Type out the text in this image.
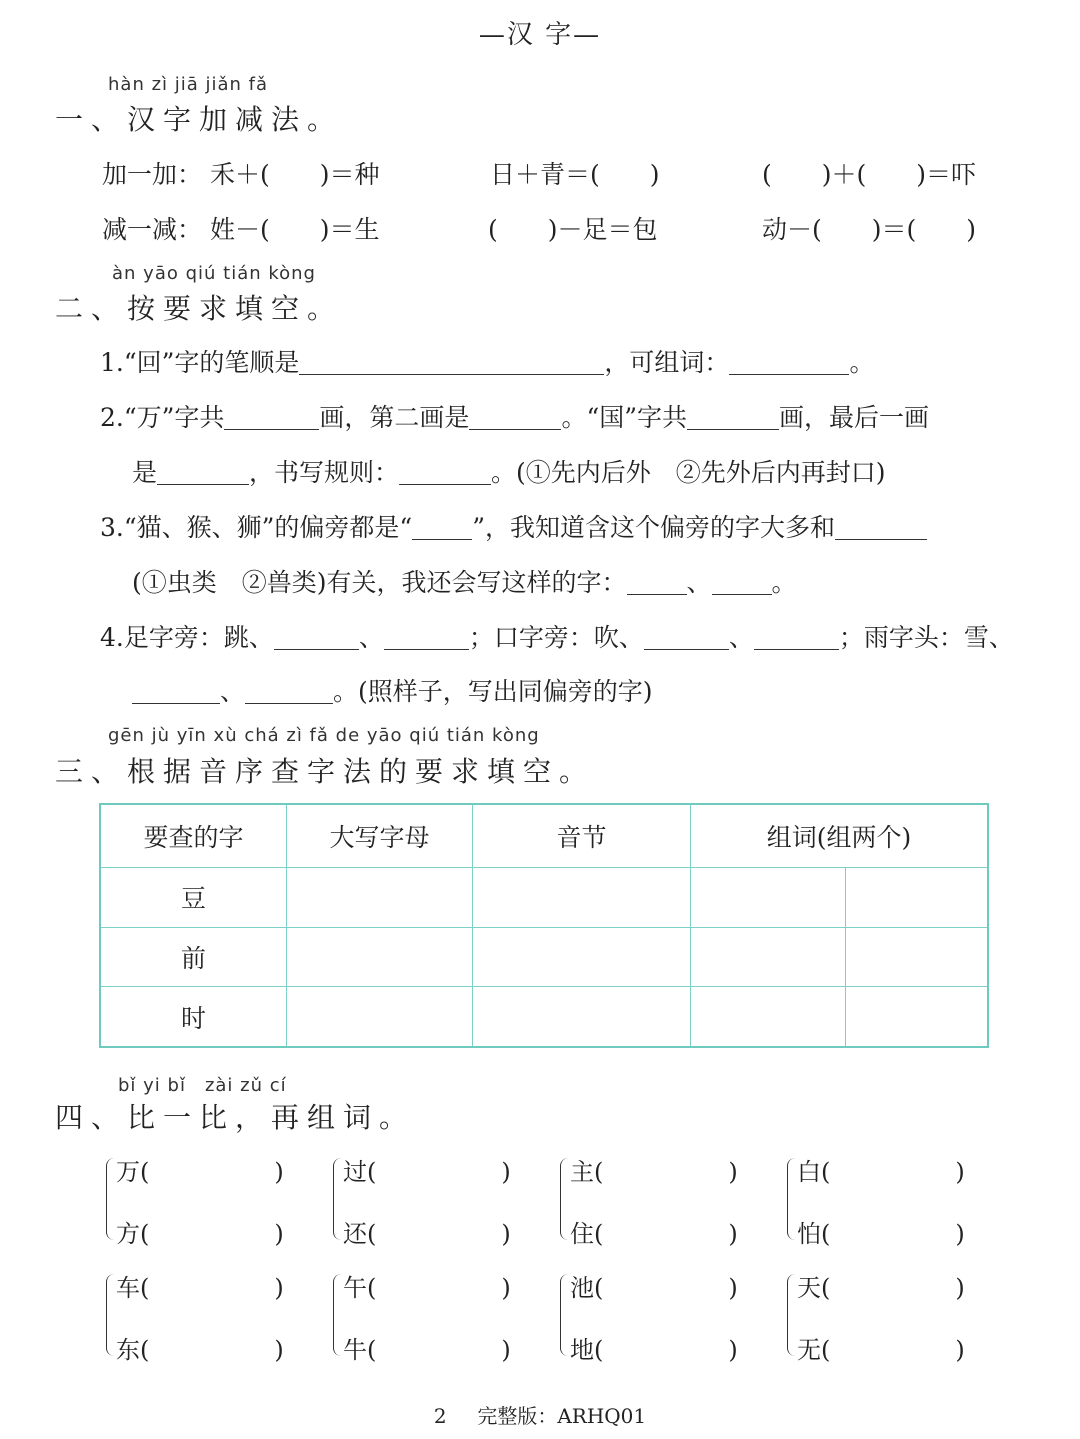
—汉 字—
hàn zì jiā jiǎn fǎ
一、汉字加减法。
加一加： 禾＋(　　)＝种	日＋青＝(　　)	(　　)＋(　　)＝吓
减一减： 姓－(　　)＝生	(　　)－足＝包	动－(　　)＝(　　)
àn yāo qiú tián kòng
二、按要求填空。
1.“回”字的笔顺是	，可组词：	。
2.“万”字共	画，第二画是	。“国”字共	画，最后一画
是	，书写规则：	。(①先内后外　②先外后内再封口)
3.“猫、猴、狮”的偏旁都是“ ”，我知道含这个偏旁的字大多和
(①虫类　②兽类)有关，我还会写这样的字： 、 。
4.足字旁：跳、	、	；口字旁：吹、	、	；雨字头：雪、
、	。(照样子，写出同偏旁的字)
gēn jù yīn xù chá zì fǎ de yāo qiú tián kòng
三、根据音序查字法的要求填空。
要查的字	大写字母	音节	组词(组两个)	
豆				
前				
时				
bǐ yi bǐ　zài zǔ cí
四、比一比，再组词。
万(	)
方(	)
过(	)
还(	)
主(	)
住(	)
白(	)
怕(	)
车(	)
东(	)
午(	)
牛(	)
池(	)
地(	)
天(	)
无(	)
2 完整版：ARHQ01
